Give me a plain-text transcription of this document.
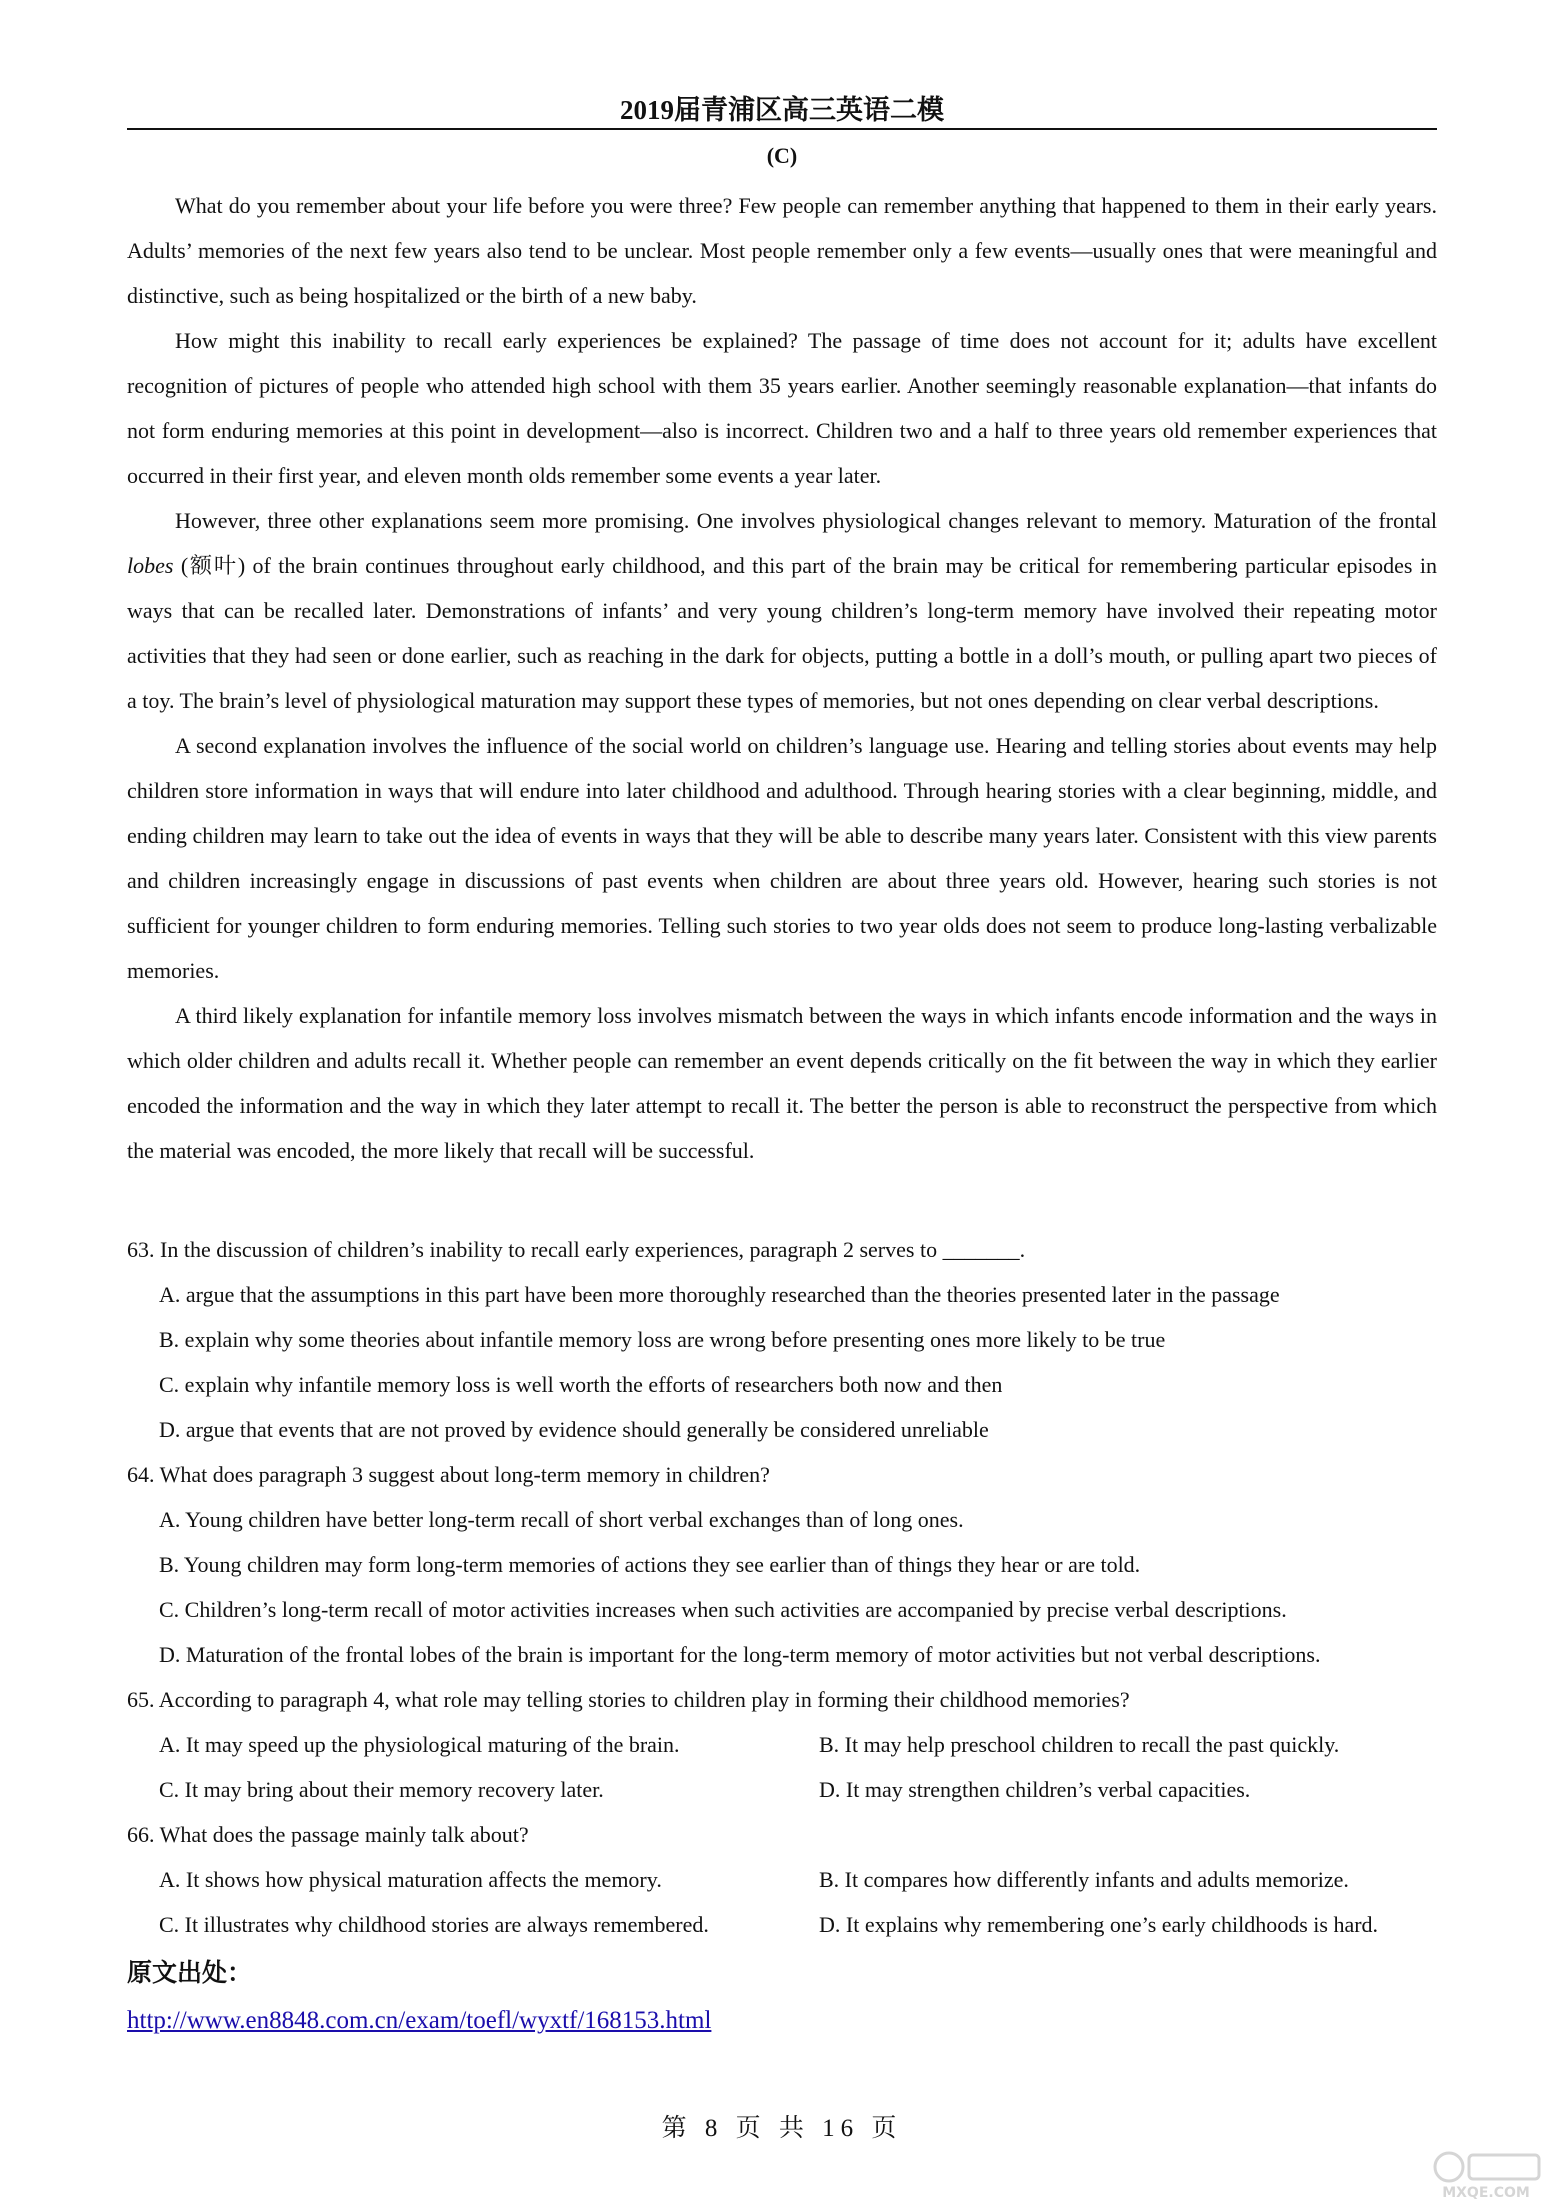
2019届青浦区高三英语二模
(C)

What do you remember about your life before you were three? Few people can remember anything that happened to them in their early years. Adults’ memories of the next few years also tend to be unclear. Most people remember only a few events—usually ones that were meaningful and distinctive, such as being hospitalized or the birth of a new baby.

How might this inability to recall early experiences be explained? The passage of time does not account for it; adults have excellent recognition of pictures of people who attended high school with them 35 years earlier. Another seemingly reasonable explanation—that infants do not form enduring memories at this point in development—also is incorrect. Children two and a half to three years old remember experiences that occurred in their first year, and eleven month olds remember some events a year later.

However, three other explanations seem more promising. One involves physiological changes relevant to memory. Maturation of the frontal lobes (额叶) of the brain continues throughout early childhood, and this part of the brain may be critical for remembering particular episodes in ways that can be recalled later. Demonstrations of infants’ and very young children’s long-term memory have involved their repeating motor activities that they had seen or done earlier, such as reaching in the dark for objects, putting a bottle in a doll’s mouth, or pulling apart two pieces of a toy. The brain’s level of physiological maturation may support these types of memories, but not ones depending on clear verbal descriptions.

A second explanation involves the influence of the social world on children’s language use. Hearing and telling stories about events may help children store information in ways that will endure into later childhood and adulthood. Through hearing stories with a clear beginning, middle, and ending children may learn to take out the idea of events in ways that they will be able to describe many years later. Consistent with this view parents and children increasingly engage in discussions of past events when children are about three years old. However, hearing such stories is not sufficient for younger children to form enduring memories. Telling such stories to two year olds does not seem to produce long-lasting verbalizable memories.

A third likely explanation for infantile memory loss involves mismatch between the ways in which infants encode information and the ways in which older children and adults recall it. Whether people can remember an event depends critically on the fit between the way in which they earlier encoded the information and the way in which they later attempt to recall it. The better the person is able to reconstruct the perspective from which the material was encoded, the more likely that recall will be successful.

63. In the discussion of children’s inability to recall early experiences, paragraph 2 serves to _______.

A. argue that the assumptions in this part have been more thoroughly researched than the theories presented later in the passage

B. explain why some theories about infantile memory loss are wrong before presenting ones more likely to be true

C. explain why infantile memory loss is well worth the efforts of researchers both now and then

D. argue that events that are not proved by evidence should generally be considered unreliable

64. What does paragraph 3 suggest about long-term memory in children?

A. Young children have better long-term recall of short verbal exchanges than of long ones.

B. Young children may form long-term memories of actions they see earlier than of things they hear or are told.

C. Children’s long-term recall of motor activities increases when such activities are accompanied by precise verbal descriptions.

D. Maturation of the frontal lobes of the brain is important for the long-term memory of motor activities but not verbal descriptions.

65. According to paragraph 4, what role may telling stories to children play in forming their childhood memories?

A. It may speed up the physiological maturing of the brain.	B. It may help preschool children to recall the past quickly.
C. It may bring about their memory recovery later.	D. It may strengthen children’s verbal capacities.

66. What does the passage mainly talk about?

A. It shows how physical maturation affects the memory.	B. It compares how differently infants and adults memorize.
C. It illustrates why childhood stories are always remembered.	D. It explains why remembering one’s early childhoods is hard.
原文出处：
http://www.en8848.com.cn/exam/toefl/wyxtf/168153.html
第 8 页 共 16 页
MXQE.COM
